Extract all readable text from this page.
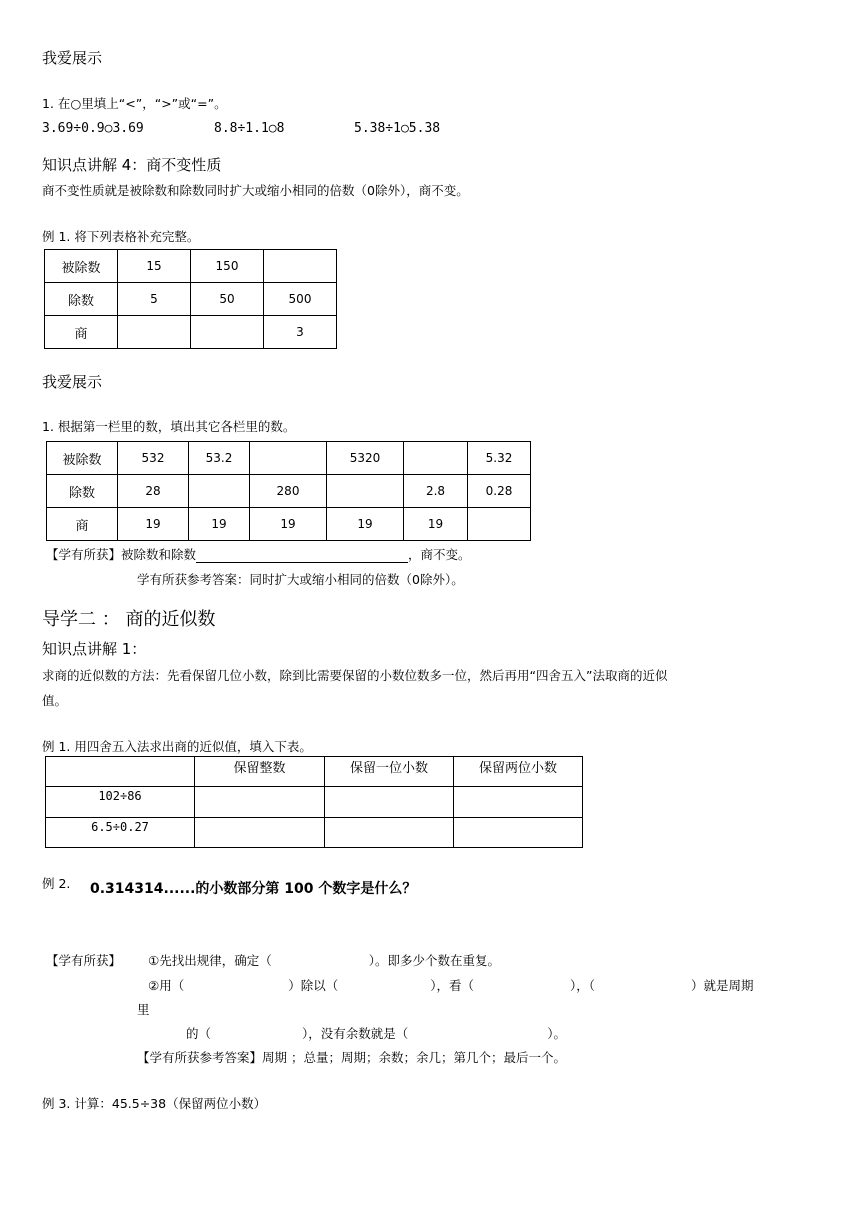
我爱展示
1. 在○里填上“<”，“>”或“=”。
3.69÷0.9○3.69	8.8÷1.1○8	5.38÷1○5.38
知识点讲解 4：商不变性质
商不变性质就是被除数和除数同时扩大或缩小相同的倍数（0除外），商不变。
例 1. 将下列表格补充完整。
被除数	15	150	
除数	5	50	500
商			3
我爱展示
1. 根据第一栏里的数，填出其它各栏里的数。
被除数	532	53.2		5320		5.32
除数	28		280		2.8	0.28
商	19	19	19	19	19	
【学有所获】被除数和除数	，商不变。
学有所获参考答案：同时扩大或缩小相同的倍数（0除外）。
导学二 ： 商的近似数
知识点讲解 1：
求商的近似数的方法：先看保留几位小数，除到比需要保留的小数位数多一位，然后再用“四舍五入”法取商的近似
值。
例 1. 用四舍五入法求出商的近似值，填入下表。
	保留整数	保留一位小数	保留两位小数
102÷86			
6.5÷0.27			
例 2. 0.314314......的小数部分第 100 个数字是什么？
【学有所获】 ①先找出规律，确定（	）。即多少个数在重复。
②用（	）除以（	），看（	），（	）就是周期
里
的（	），没有余数就是（	）。
【学有所获参考答案】周期 ；总量；周期；余数；余几；第几个；最后一个。
例 3. 计算：45.5÷38（保留两位小数）
